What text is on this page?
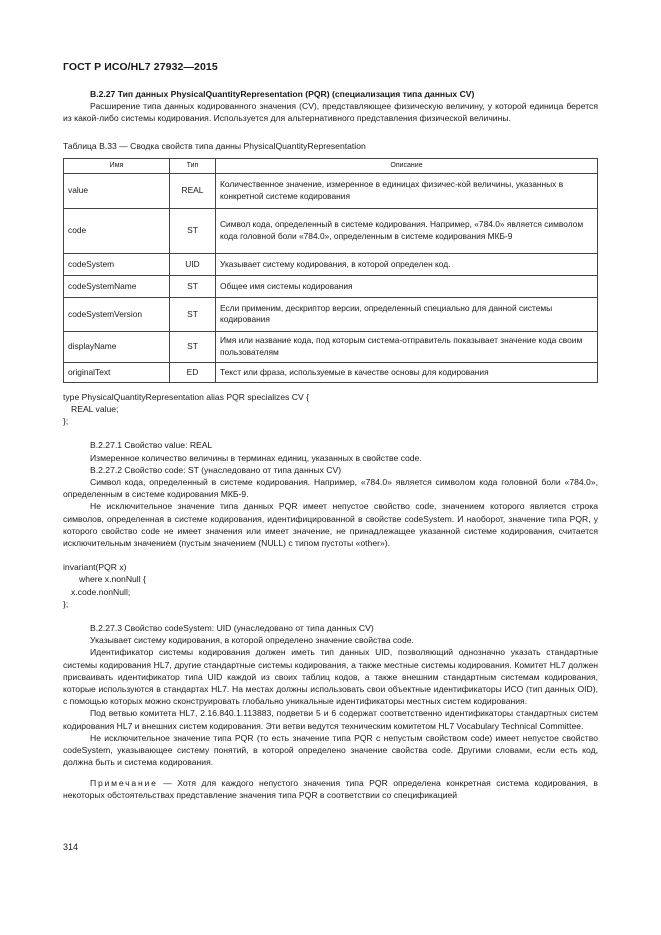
ГОСТ Р ИСО/HL7 27932—2015

B.2.27 Тип данных PhysicalQuantityRepresentation (PQR) (специализация типа данных CV)

Расширение типа данных кодированного значения (CV), представляющее физическую величину, у которой единица берется из какой-либо системы кодирования. Используется для альтернативного представления физической величины.

Таблица B.33 — Сводка свойств типа данны PhysicalQuantityRepresentation

Имя	Тип	Описание
value	REAL	Количественное значение, измеренное в единицах физичес-кой величины, указанных в конкретной системе кодирования
code	ST	Символ кода, определенный в системе кодирования. Например, «784.0» является символом кода головной боли «784.0», определенным в системе кодирования МКБ-9
codeSystem	UID	Указывает систему кодирования, в которой определен код.
codeSystemName	ST	Общее имя системы кодирования
codeSystemVersion	ST	Если применим, дескриптор версии, определенный специально для данной системы кодирования
displayName	ST	Имя или название кода, под которым система-отправитель показывает значение кода своим пользователям
originalText	ED	Текст или фраза, используемые в качестве основы для кодирования
type PhysicalQuantityRepresentation alias PQR specializes CV {
REAL value;
};

B.2.27.1 Свойство value: REAL

Измеренное количество величины в терминах единиц, указанных в свойстве code.

B.2.27.2 Свойство code: ST (унаследовано от типа данных CV)

Символ кода, определенный в системе кодирования. Например, «784.0» является символом кода головной боли «784.0», определенным в системе кодирования МКБ-9.

Не исключительное значение типа данных PQR имеет непустое свойство code, значением которого является строка символов, определенная в системе кодирования, идентифицированной в свойстве codeSystem. И наоборот, значение типа PQR, у которого свойство code не имеет значения или имеет значение, не принадлежащее указанной системе кодирования, считается исключительным значением (пустым значением (NULL) с типом пустоты «other»).

invariant(PQR x)
where x.nonNull {
x.code.nonNull;
};

B.2.27.3 Свойство codeSystem: UID (унаследовано от типа данных CV)

Указывает систему кодирования, в которой определено значение свойства code.

Идентификатор системы кодирования должен иметь тип данных UID, позволяющий однозначно указать стандартные системы кодирования HL7, другие стандартные системы кодирования, а также местные системы кодирования. Комитет HL7 должен присваивать идентификатор типа UID каждой из своих таблиц кодов, а также внешним стандартным системам кодирования, которые используются в стандартах HL7. На местах должны использовать свои объектные идентификаторы ИСО (тип данных OID), с помощью которых можно сконструировать глобально уникальные идентификаторы местных систем кодирования.

Под ветвью комитета HL7, 2.16.840.1.113883, подветви 5 и 6 содержат соответственно идентификаторы стандартных систем кодирования HL7 и внешних систем кодирования. Эти ветви ведутся техническим комитетом HL7 Vocabulary Technical Committee.

Не исключительное значение типа PQR (то есть значение типа PQR с непустым свойством code) имеет непустое свойство codeSystem, указывающее систему понятий, в которой определено значение свойства code. Другими словами, если есть код, должна быть и система кодирования.

Примечание — Хотя для каждого непустого значения типа PQR определена конкретная система кодирования, в некоторых обстоятельствах представление значения типа PQR в соответствии со спецификацией

314
